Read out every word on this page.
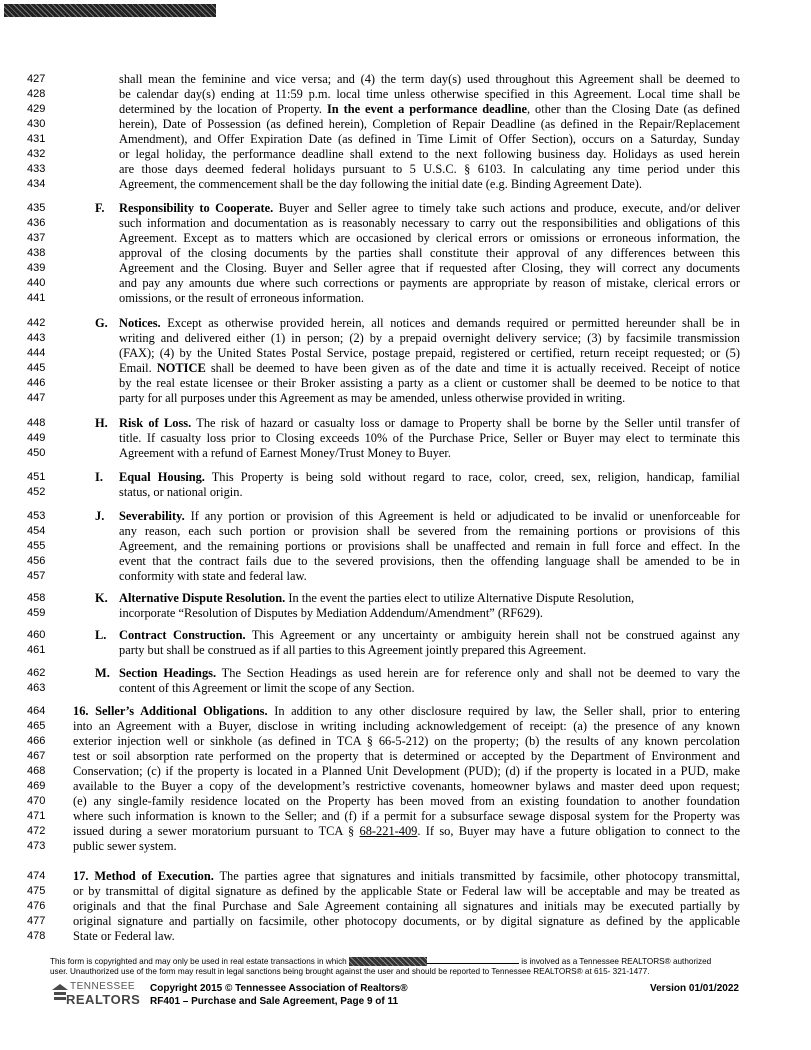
427	shall mean the feminine and vice versa; and (4) the term day(s) used throughout this Agreement shall be deemed to
428	be calendar day(s) ending at 11:59 p.m. local time unless otherwise specified in this Agreement. Local time shall be
429	determined by the location of Property. In the event a performance deadline, other than the Closing Date (as defined
430	herein), Date of Possession (as defined herein), Completion of Repair Deadline (as defined in the Repair/Replacement
431	Amendment), and Offer Expiration Date (as defined in Time Limit of Offer Section), occurs on a Saturday, Sunday
432	or legal holiday, the performance deadline shall extend to the next following business day. Holidays as used herein
433	are those days deemed federal holidays pursuant to 5 U.S.C. § 6103. In calculating any time period under this
434	Agreement, the commencement shall be the day following the initial date (e.g. Binding Agreement Date).
435	Responsibility to Cooperate. Buyer and Seller agree to timely take such actions and produce, execute, and/or deliver
F.
436	such information and documentation as is reasonably necessary to carry out the responsibilities and obligations of this
437	Agreement. Except as to matters which are occasioned by clerical errors or omissions or erroneous information, the
438	approval of the closing documents by the parties shall constitute their approval of any differences between this
439	Agreement and the Closing. Buyer and Seller agree that if requested after Closing, they will correct any documents
440	and pay any amounts due where such corrections or payments are appropriate by reason of mistake, clerical errors or
441	omissions, or the result of erroneous information.
442	Notices. Except as otherwise provided herein, all notices and demands required or permitted hereunder shall be in
G.
443	writing and delivered either (1) in person; (2) by a prepaid overnight delivery service; (3) by facsimile transmission
444	(FAX); (4) by the United States Postal Service, postage prepaid, registered or certified, return receipt requested; or (5)
445	Email. NOTICE shall be deemed to have been given as of the date and time it is actually received. Receipt of notice
446	by the real estate licensee or their Broker assisting a party as a client or customer shall be deemed to be notice to that
447	party for all purposes under this Agreement as may be amended, unless otherwise provided in writing.
448	Risk of Loss. The risk of hazard or casualty loss or damage to Property shall be borne by the Seller until transfer of
H.
449	title. If casualty loss prior to Closing exceeds 10% of the Purchase Price, Seller or Buyer may elect to terminate this
450	Agreement with a refund of Earnest Money/Trust Money to Buyer.
451	Equal Housing. This Property is being sold without regard to race, color, creed, sex, religion, handicap, familial
I.
452	status, or national origin.
453	Severability. If any portion or provision of this Agreement is held or adjudicated to be invalid or unenforceable for
J.
454	any reason, each such portion or provision shall be severed from the remaining portions or provisions of this
455	Agreement, and the remaining portions or provisions shall be unaffected and remain in full force and effect. In the
456	event that the contract fails due to the severed provisions, then the offending language shall be amended to be in
457	conformity with state and federal law.
458	Alternative Dispute Resolution. In the event the parties elect to utilize Alternative Dispute Resolution,
K.
459	incorporate “Resolution of Disputes by Mediation Addendum/Amendment” (RF629).
460	Contract Construction. This Agreement or any uncertainty or ambiguity herein shall not be construed against any
L.
461	party but shall be construed as if all parties to this Agreement jointly prepared this Agreement.
462	Section Headings. The Section Headings as used herein are for reference only and shall not be deemed to vary the
M.
463	content of this Agreement or limit the scope of any Section.
464	16. Seller’s Additional Obligations. In addition to any other disclosure required by law, the Seller shall, prior to entering
465	into an Agreement with a Buyer, disclose in writing including acknowledgement of receipt: (a) the presence of any known
466	exterior injection well or sinkhole (as defined in TCA § 66-5-212) on the property; (b) the results of any known percolation
467	test or soil absorption rate performed on the property that is determined or accepted by the Department of Environment and
468	Conservation; (c) if the property is located in a Planned Unit Development (PUD); (d) if the property is located in a PUD, make
469	available to the Buyer a copy of the development’s restrictive covenants, homeowner bylaws and master deed upon request;
470	(e) any single-family residence located on the Property has been moved from an existing foundation to another foundation
471	where such information is known to the Seller; and (f) if a permit for a subsurface sewage disposal system for the Property was
472	issued during a sewer moratorium pursuant to TCA § 68-221-409. If so, Buyer may have a future obligation to connect to the
473	public sewer system.
474	17. Method of Execution. The parties agree that signatures and initials transmitted by facsimile, other photocopy transmittal,
475	or by transmittal of digital signature as defined by the applicable State or Federal law will be acceptable and may be treated as
476	originals and that the final Purchase and Sale Agreement containing all signatures and initials may be executed partially by
477	original signature and partially on facsimile, other photocopy documents, or by digital signature as defined by the applicable
478	State or Federal law.
This form is copyrighted and may only be used in real estate transactions in which	is involved as a Tennessee REALTORS® authorized
user. Unauthorized use of the form may result in legal sanctions being brought against the user and should be reported to Tennessee REALTORS® at 615- 321-1477.
TENNESSEE
REALTORS
Copyright 2015 © Tennessee Association of Realtors®
RF401 – Purchase and Sale Agreement, Page 9 of 11
Version 01/01/2022
